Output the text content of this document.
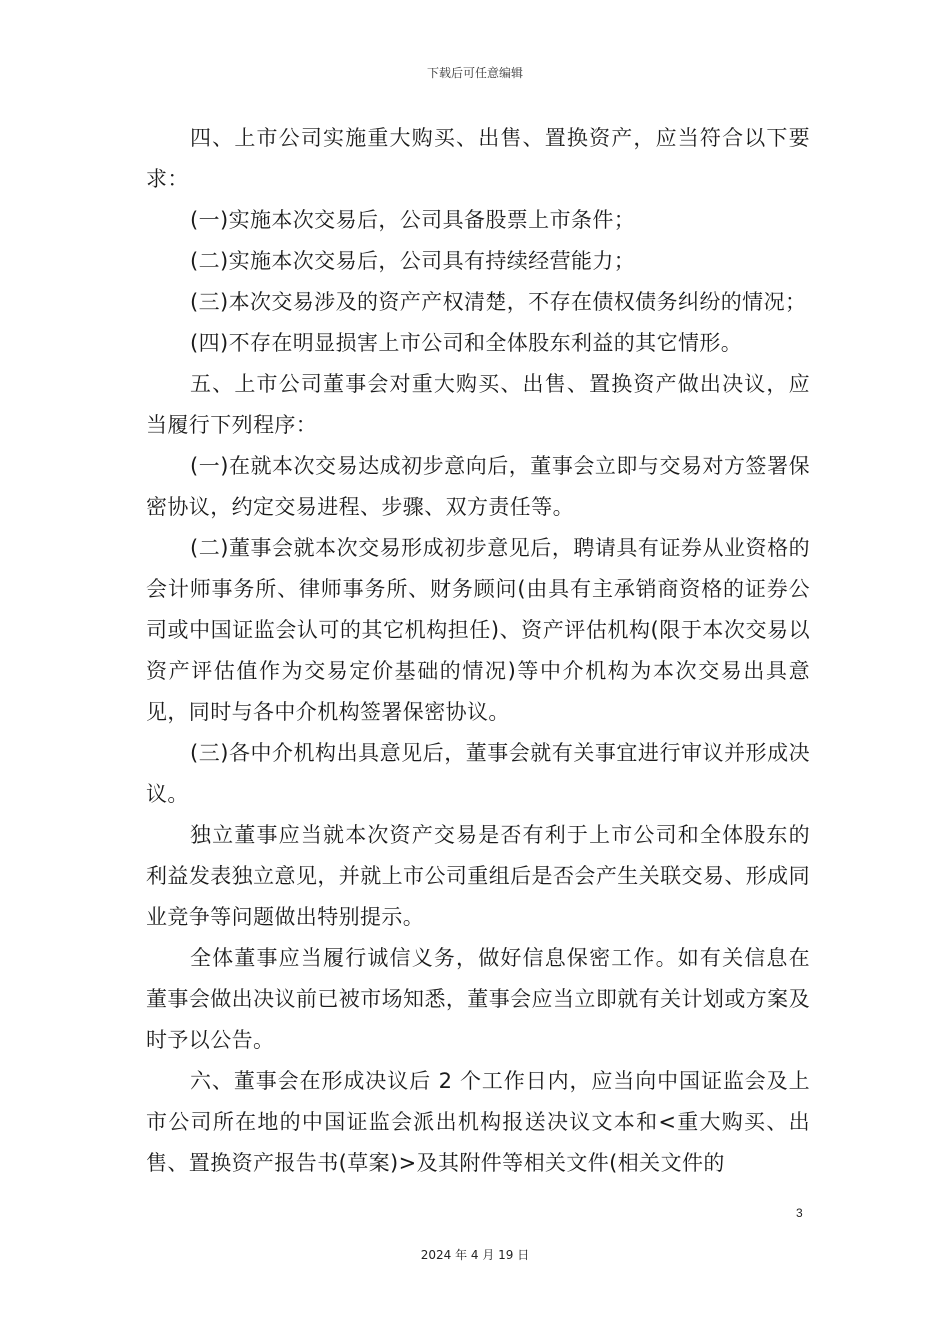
下载后可任意编辑

四、上市公司实施重大购买、出售、置换资产，应当符合以下要求：

(一)实施本次交易后，公司具备股票上市条件；

(二)实施本次交易后，公司具有持续经营能力；

(三)本次交易涉及的资产产权清楚，不存在债权债务纠纷的情况；

(四)不存在明显损害上市公司和全体股东利益的其它情形。

五、上市公司董事会对重大购买、出售、置换资产做出决议，应当履行下列程序：

(一)在就本次交易达成初步意向后，董事会立即与交易对方签署保密协议，约定交易进程、步骤、双方责任等。

(二)董事会就本次交易形成初步意见后，聘请具有证券从业资格的会计师事务所、律师事务所、财务顾问(由具有主承销商资格的证券公司或中国证监会认可的其它机构担任)、资产评估机构(限于本次交易以资产评估值作为交易定价基础的情况)等中介机构为本次交易出具意见，同时与各中介机构签署保密协议。

(三)各中介机构出具意见后，董事会就有关事宜进行审议并形成决议。

独立董事应当就本次资产交易是否有利于上市公司和全体股东的利益发表独立意见，并就上市公司重组后是否会产生关联交易、形成同业竞争等问题做出特别提示。

全体董事应当履行诚信义务，做好信息保密工作。如有关信息在董事会做出决议前已被市场知悉，董事会应当立即就有关计划或方案及时予以公告。

六、董事会在形成决议后 2 个工作日内，应当向中国证监会及上市公司所在地的中国证监会派出机构报送决议文本和<重大购买、出售、置换资产报告书(草案)>及其附件等相关文件(相关文件的

3
2024 年 4 月 19 日
